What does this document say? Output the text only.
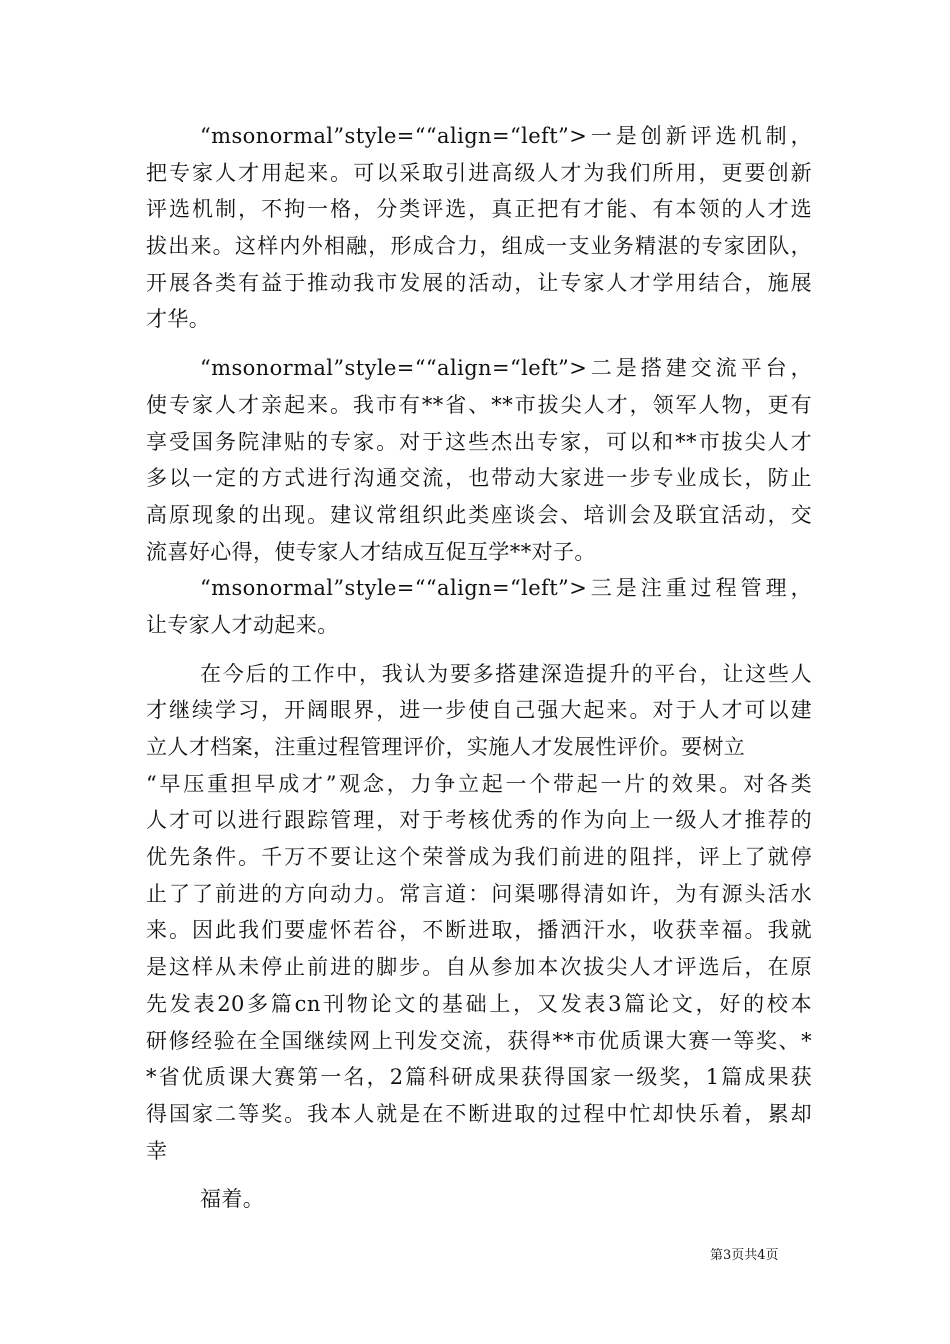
“msonormal”style=““align=“left”>一是创新评选机制，
把专家人才用起来。可以采取引进高级人才为我们所用，更要创新
评选机制，不拘一格，分类评选，真正把有才能、有本领的人才选
拔出来。这样内外相融，形成合力，组成一支业务精湛的专家团队，
开展各类有益于推动我市发展的活动，让专家人才学用结合，施展
才华。
“msonormal”style=““align=“left”>二是搭建交流平台，
使专家人才亲起来。我市有**省、**市拔尖人才，领军人物，更有
享受国务院津贴的专家。对于这些杰出专家，可以和**市拔尖人才
多以一定的方式进行沟通交流，也带动大家进一步专业成长，防止
高原现象的出现。建议常组织此类座谈会、培训会及联宜活动，交
流喜好心得，使专家人才结成互促互学**对子。
“msonormal”style=““align=“left”>三是注重过程管理，
让专家人才动起来。
在今后的工作中，我认为要多搭建深造提升的平台，让这些人
才继续学习，开阔眼界，进一步使自己强大起来。对于人才可以建
立人才档案，注重过程管理评价，实施人才发展性评价。要树立
“早压重担早成才”观念，力争立起一个带起一片的效果。对各类
人才可以进行跟踪管理，对于考核优秀的作为向上一级人才推荐的
优先条件。千万不要让这个荣誉成为我们前进的阻拌，评上了就停
止了了前进的方向动力。常言道：问渠哪得清如许，为有源头活水
来。因此我们要虚怀若谷，不断进取，播洒汗水，收获幸福。我就
是这样从未停止前进的脚步。自从参加本次拔尖人才评选后，在原
先发表20多篇cn刊物论文的基础上，又发表3篇论文，好的校本
研修经验在全国继续网上刊发交流，获得**市优质课大赛一等奖、*
*省优质课大赛第一名，2篇科研成果获得国家一级奖，1篇成果获
得国家二等奖。我本人就是在不断进取的过程中忙却快乐着，累却
幸
福着。
第3页共4页
